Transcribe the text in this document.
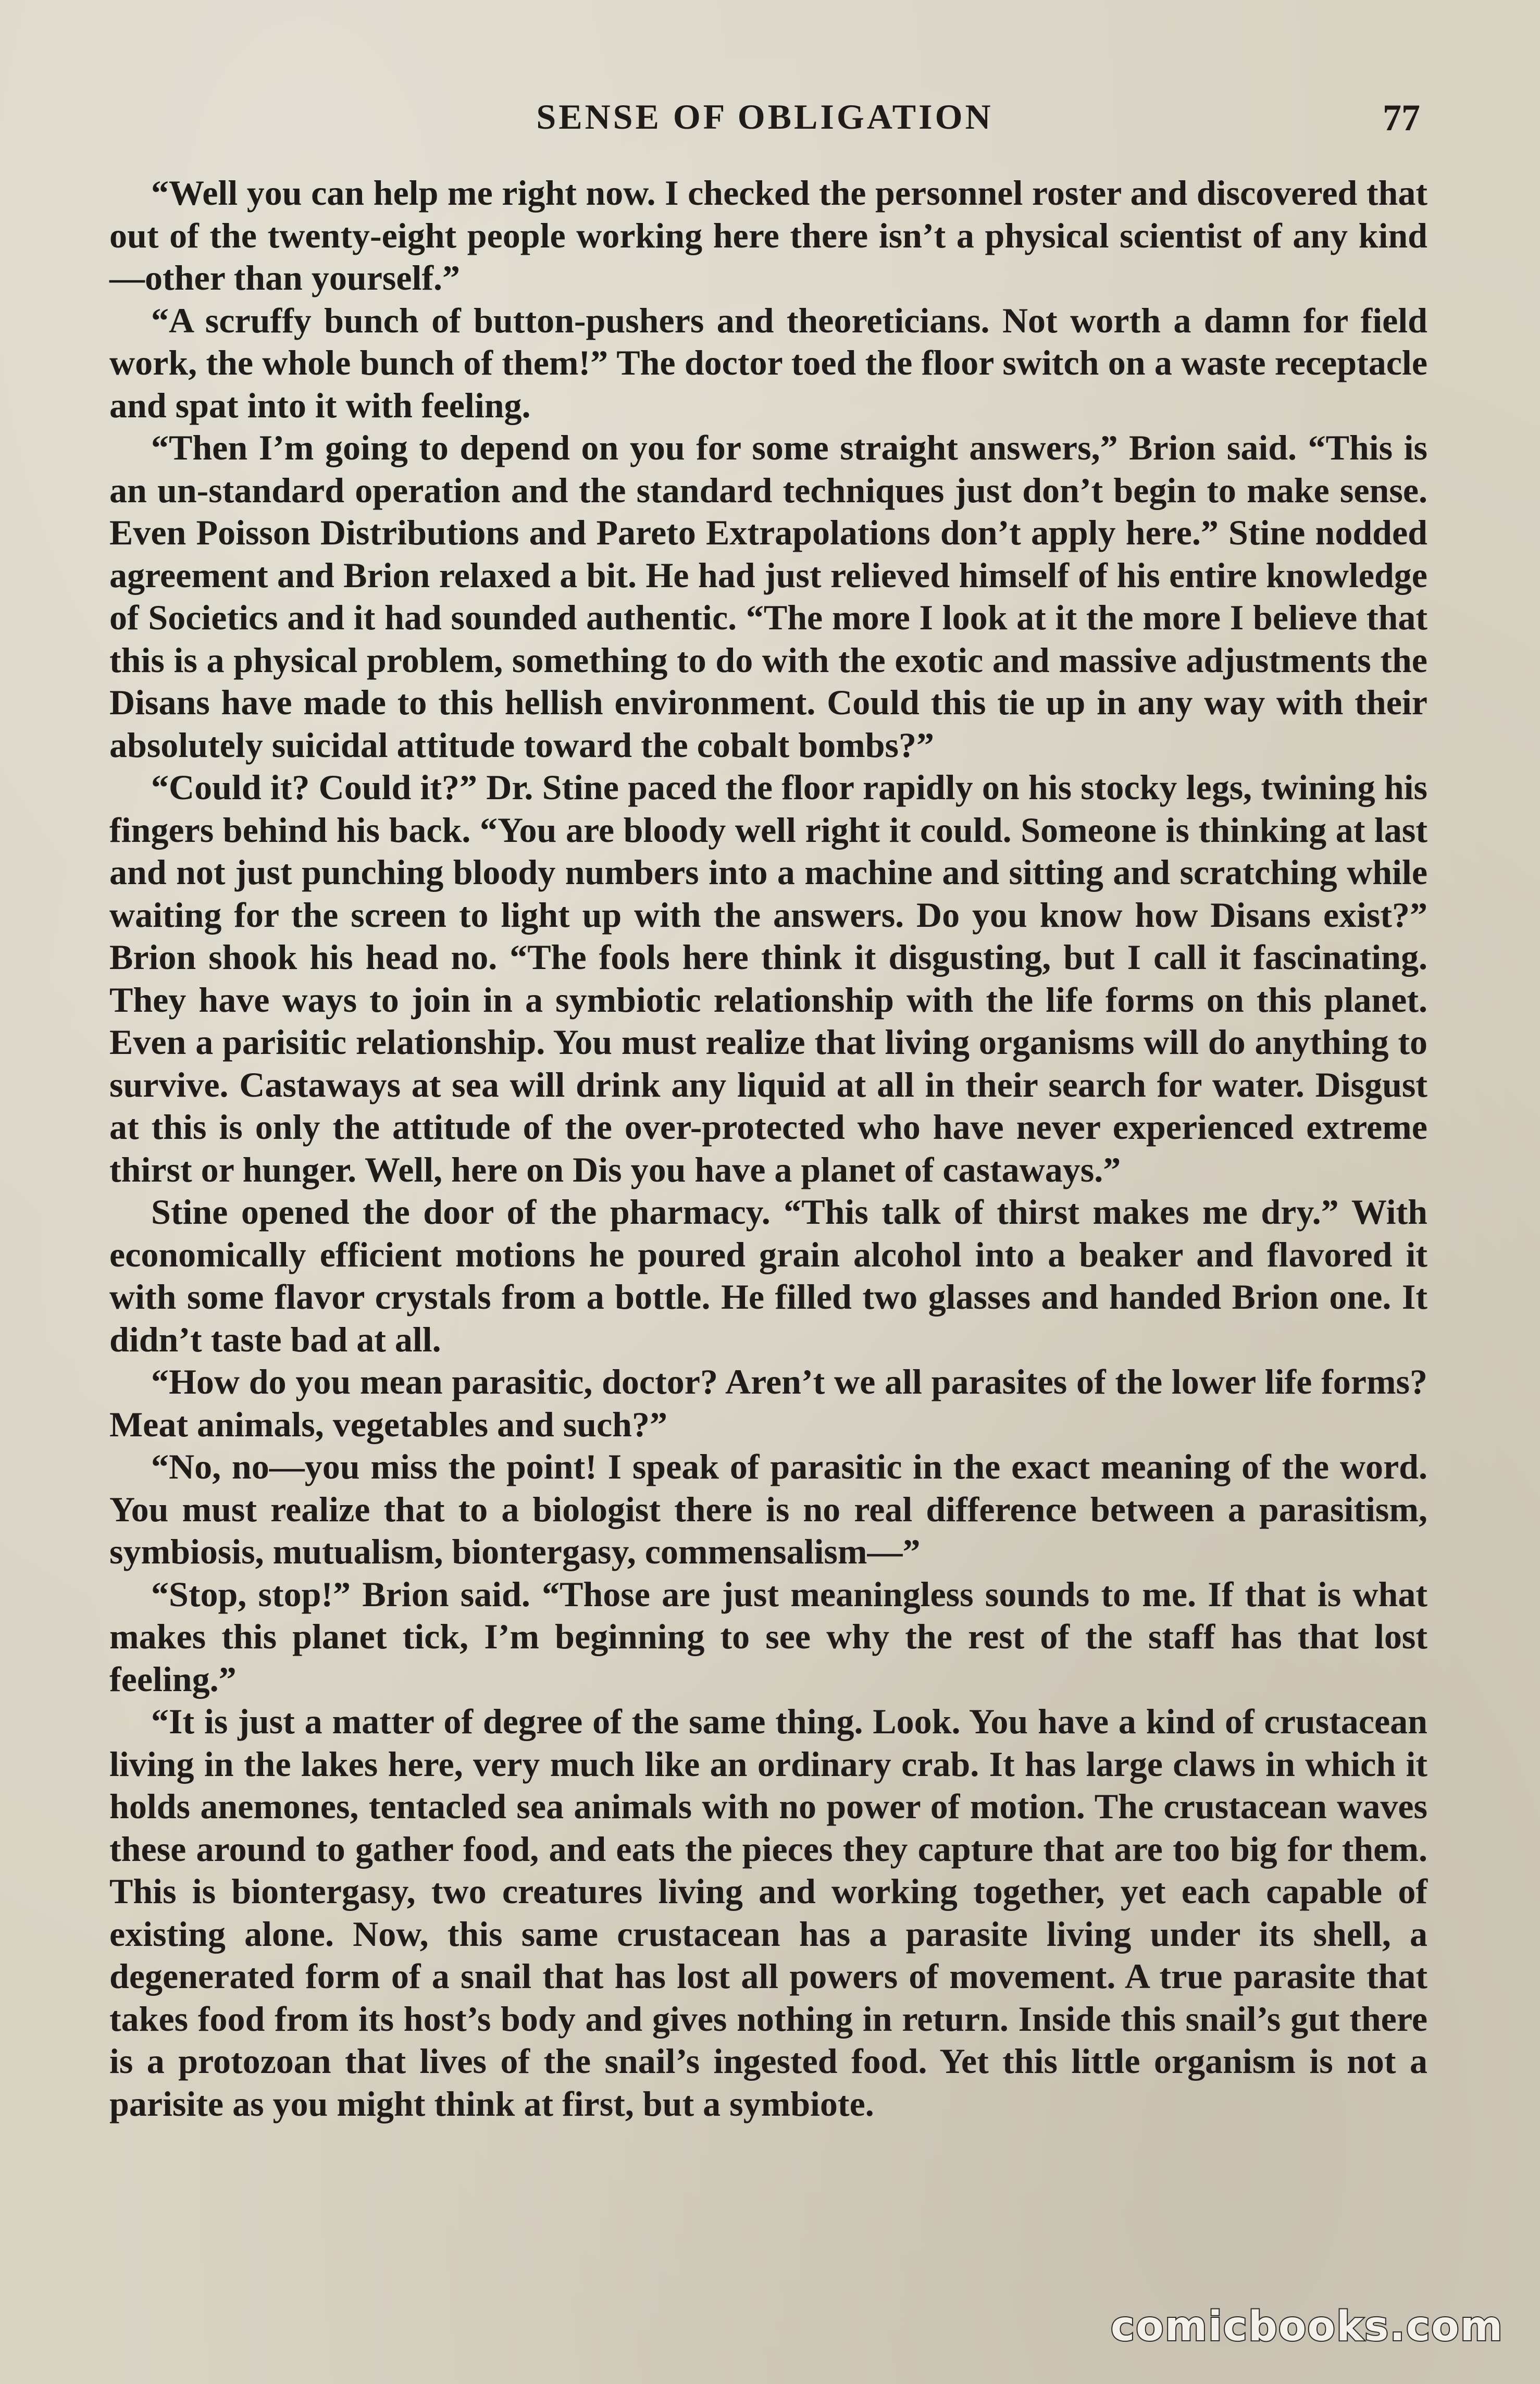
SENSE OF OBLIGATION	77

“Well you can help me right now. I checked the personnel roster and discovered that out of the twenty-eight people working here there isn’t a physical scientist of any kind—other than yourself.”

“A scruffy bunch of button-pushers and theoreticians. Not worth a damn for field work, the whole bunch of them!” The doctor toed the floor switch on a waste receptacle and spat into it with feeling.

“Then I’m going to depend on you for some straight answers,” Brion said. “This is an un-standard operation and the standard techniques just don’t begin to make sense. Even Poisson Distributions and Pareto Extrapolations don’t apply here.” Stine nodded agreement and Brion relaxed a bit. He had just relieved himself of his entire knowledge of Societics and it had sounded authentic. “The more I look at it the more I believe that this is a physical problem, something to do with the exotic and massive adjustments the Disans have made to this hellish environment. Could this tie up in any way with their absolutely suicidal attitude toward the cobalt bombs?”

“Could it? Could it?” Dr. Stine paced the floor rapidly on his stocky legs, twining his fingers behind his back. “You are bloody well right it could. Someone is thinking at last and not just punching bloody numbers into a machine and sitting and scratching while waiting for the screen to light up with the answers. Do you know how Disans exist?” Brion shook his head no. “The fools here think it disgusting, but I call it fascinating. They have ways to join in a symbiotic relationship with the life forms on this planet. Even a parisitic relationship. You must realize that living organisms will do anything to survive. Castaways at sea will drink any liquid at all in their search for water. Disgust at this is only the attitude of the over-protected who have never experienced extreme thirst or hunger. Well, here on Dis you have a planet of castaways.”

Stine opened the door of the pharmacy. “This talk of thirst makes me dry.” With economically efficient motions he poured grain alcohol into a beaker and flavored it with some flavor crystals from a bottle. He filled two glasses and handed Brion one. It didn’t taste bad at all.

“How do you mean parasitic, doctor? Aren’t we all parasites of the lower life forms? Meat animals, vegetables and such?”

“No, no—you miss the point! I speak of parasitic in the exact meaning of the word. You must realize that to a biologist there is no real difference between a parasitism, symbiosis, mutualism, biontergasy, commensalism—”

“Stop, stop!” Brion said. “Those are just meaningless sounds to me. If that is what makes this planet tick, I’m beginning to see why the rest of the staff has that lost feeling.”

“It is just a matter of degree of the same thing. Look. You have a kind of crustacean living in the lakes here, very much like an ordinary crab. It has large claws in which it holds anemones, tentacled sea animals with no power of motion. The crustacean waves these around to gather food, and eats the pieces they capture that are too big for them. This is biontergasy, two creatures living and working together, yet each capable of existing alone. Now, this same crustacean has a parasite living under its shell, a degenerated form of a snail that has lost all powers of movement. A true parasite that takes food from its host’s body and gives nothing in return. Inside this snail’s gut there is a protozoan that lives of the snail’s ingested food. Yet this little organism is not a parisite as you might think at first, but a symbiote.

comicbooks.com
